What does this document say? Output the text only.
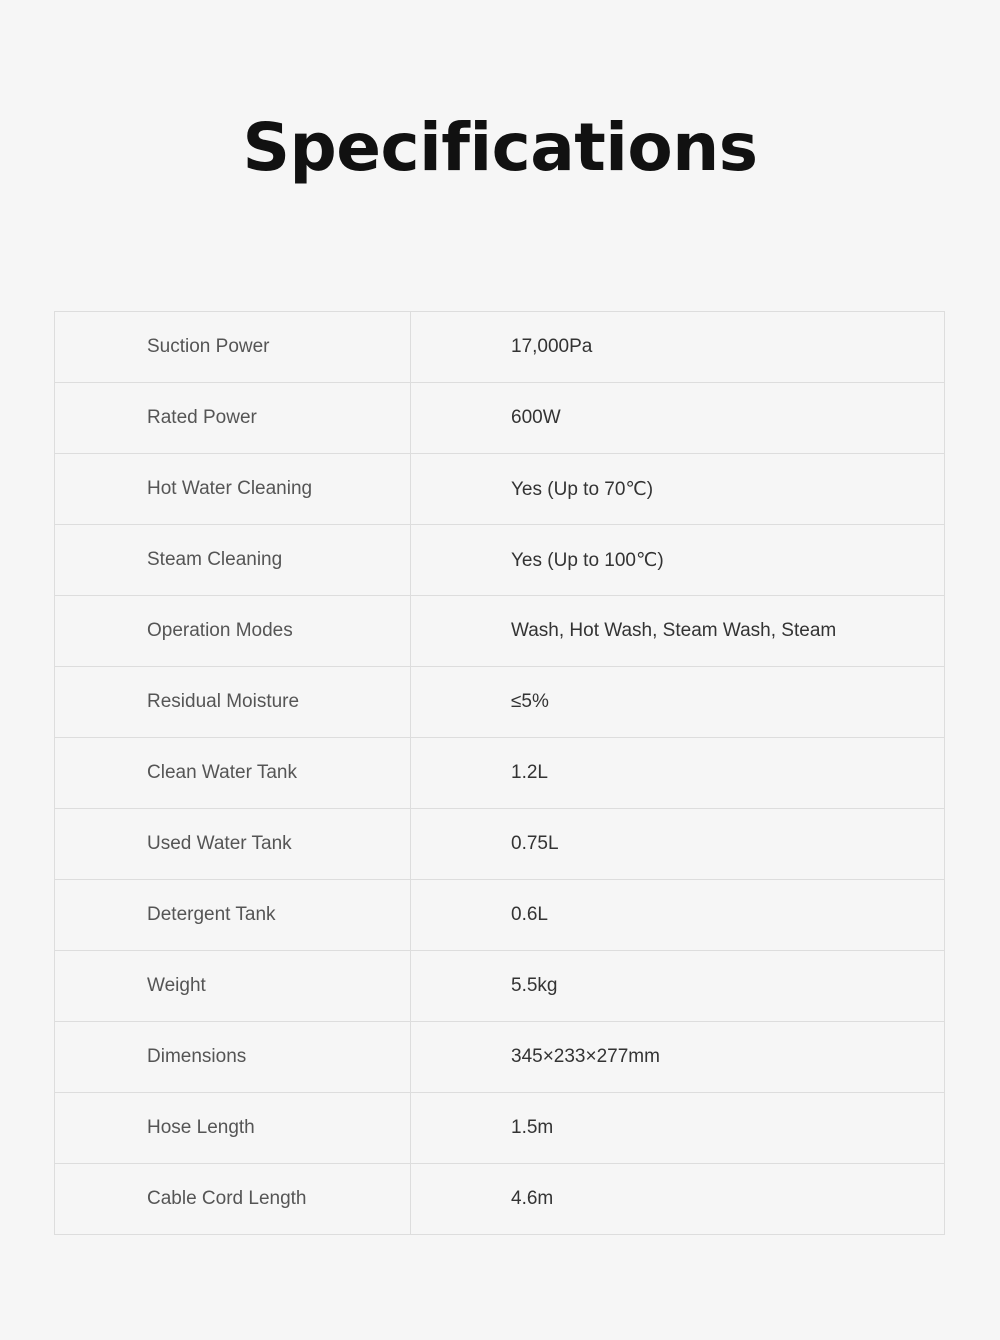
Specifications
Suction Power	17,000Pa
Rated Power	600W
Hot Water Cleaning	Yes (Up to 70℃)
Steam Cleaning	Yes (Up to 100℃)
Operation Modes	Wash, Hot Wash, Steam Wash, Steam
Residual Moisture	≤5%
Clean Water Tank	1.2L
Used Water Tank	0.75L
Detergent Tank	0.6L
Weight	5.5kg
Dimensions	345×233×277mm
Hose Length	1.5m
Cable Cord Length	4.6m
